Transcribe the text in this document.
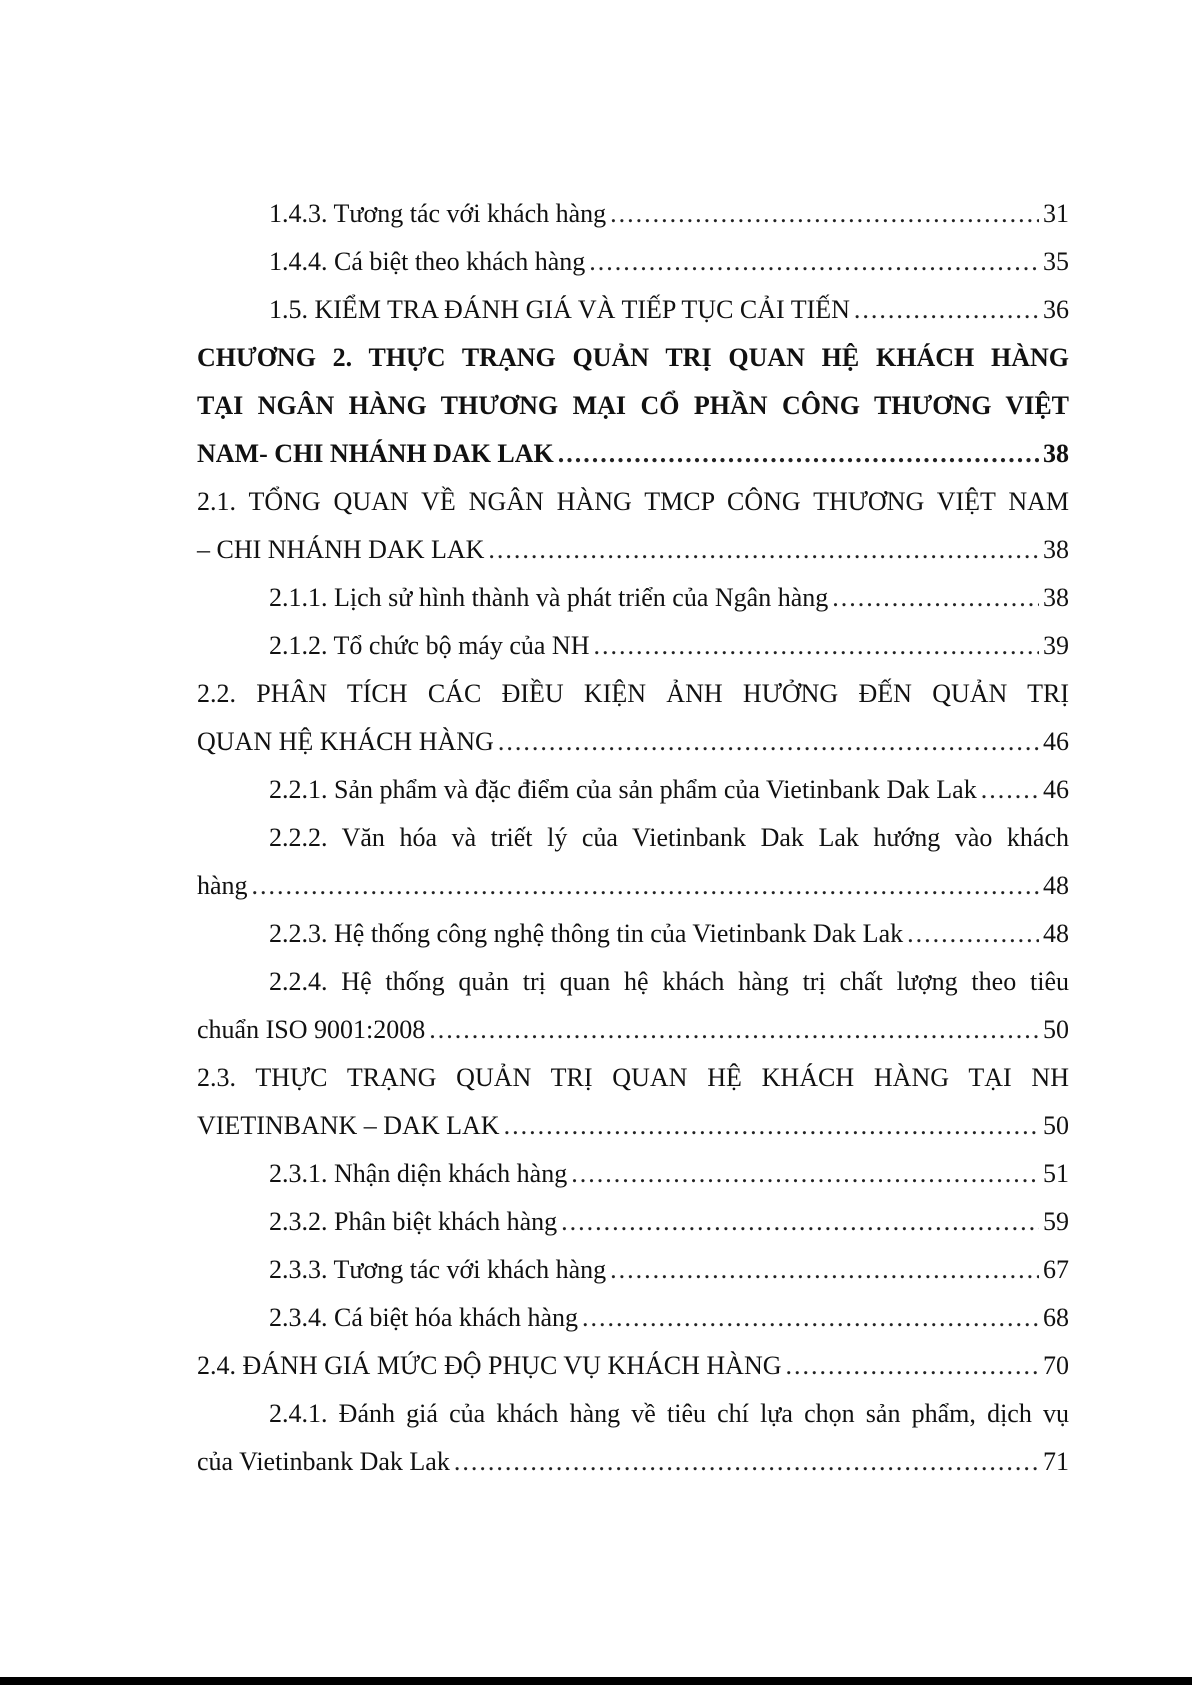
1.4.3. Tương tác với khách hàng .....	31
1.4.4. Cá biệt theo khách hàng .....	35
1.5. KIỂM TRA ĐÁNH GIÁ VÀ TIẾP TỤC CẢI TIẾN .....	36
CHƯƠNG 2. THỰC TRẠNG QUẢN TRỊ QUAN HỆ KHÁCH HÀNG
TẠI NGÂN HÀNG THƯƠNG MẠI CỔ PHẦN CÔNG THƯƠNG VIỆT
NAM- CHI NHÁNH DAK LAK .....	38
2.1. TỔNG QUAN VỀ NGÂN HÀNG TMCP CÔNG THƯƠNG VIỆT NAM
– CHI NHÁNH DAK LAK .....	38
2.1.1. Lịch sử hình thành và phát triển của Ngân hàng .....	38
2.1.2. Tổ chức bộ máy của NH .....	39
2.2. PHÂN TÍCH CÁC ĐIỀU KIỆN ẢNH HƯỞNG ĐẾN QUẢN TRỊ
QUAN HỆ KHÁCH HÀNG .....	46
2.2.1. Sản phẩm và đặc điểm của sản phẩm của Vietinbank Dak Lak .....	46
2.2.2. Văn hóa và triết lý của Vietinbank Dak Lak hướng vào khách
hàng .....	48
2.2.3. Hệ thống công nghệ thông tin của Vietinbank Dak Lak .....	48
2.2.4. Hệ thống quản trị quan hệ khách hàng trị chất lượng theo tiêu
chuẩn ISO 9001:2008 .....	50
2.3. THỰC TRẠNG QUẢN TRỊ QUAN HỆ KHÁCH HÀNG TẠI NH
VIETINBANK – DAK LAK .....	50
2.3.1. Nhận diện khách hàng .....	51
2.3.2. Phân biệt khách hàng .....	59
2.3.3. Tương tác với khách hàng .....	67
2.3.4. Cá biệt hóa khách hàng .....	68
2.4. ĐÁNH GIÁ MỨC ĐỘ PHỤC VỤ KHÁCH HÀNG .....	70
2.4.1. Đánh giá của khách hàng về tiêu chí lựa chọn sản phẩm, dịch vụ
của Vietinbank Dak Lak .....	71
